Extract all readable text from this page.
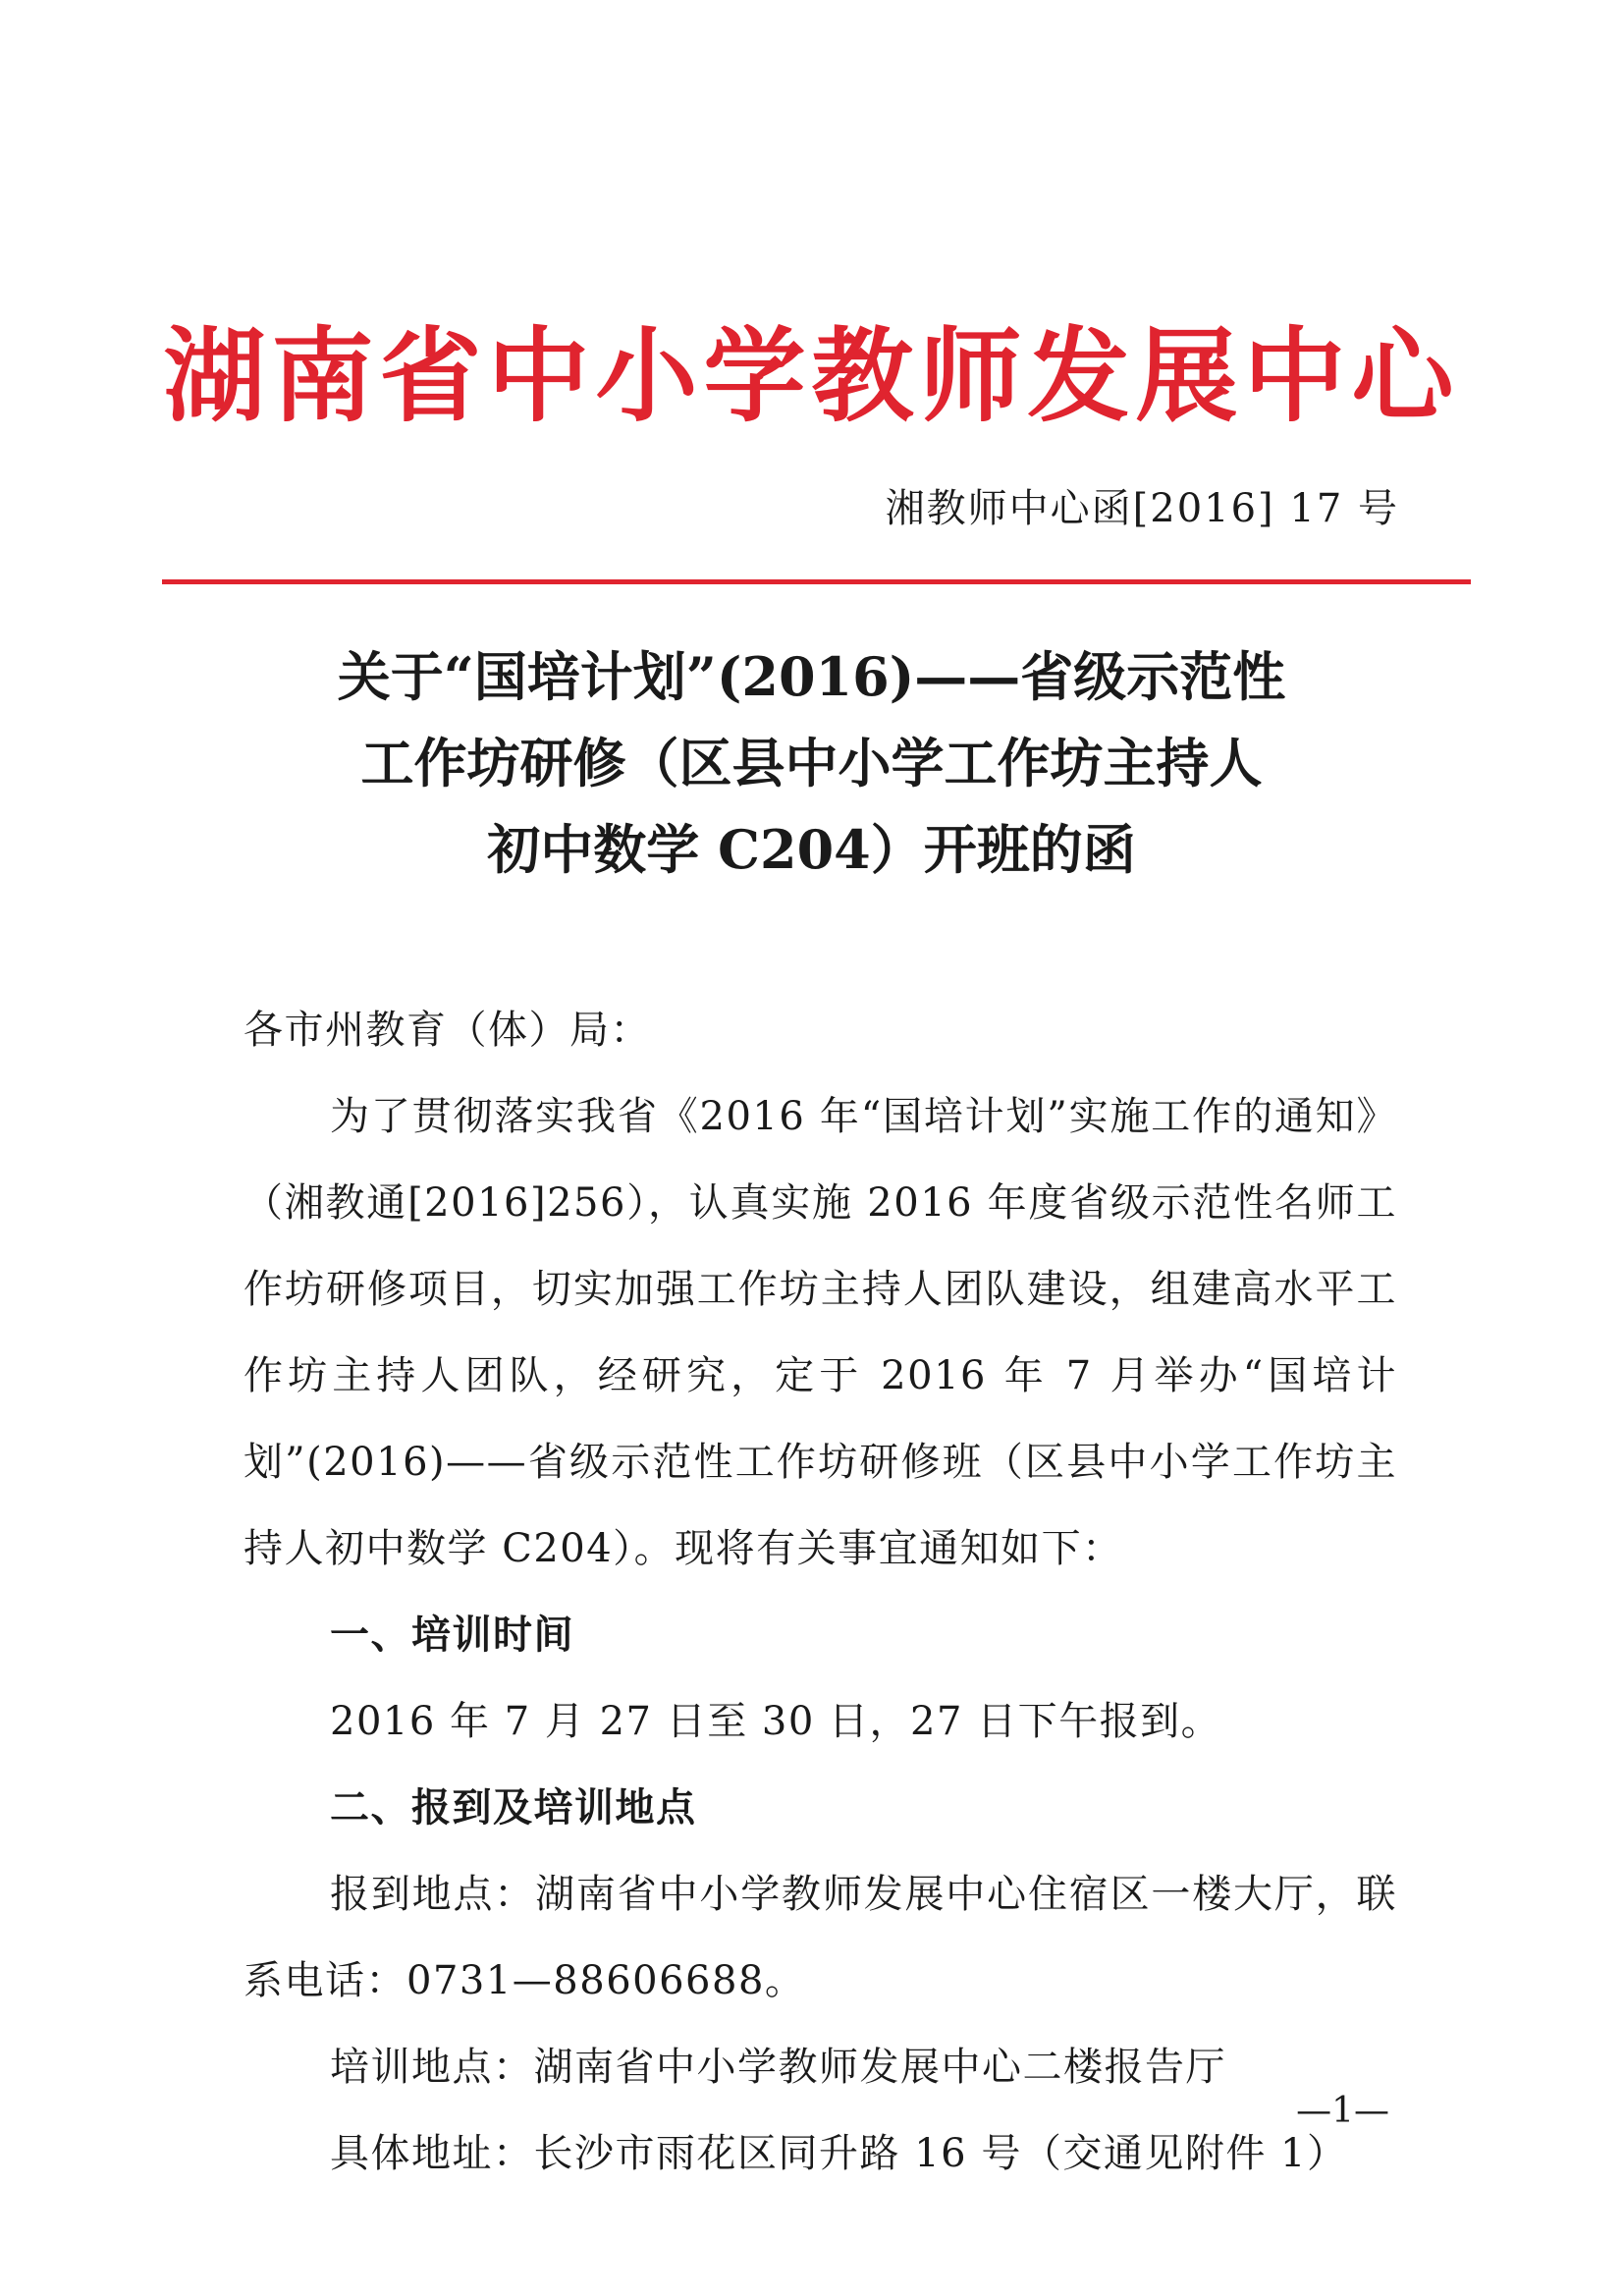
湖南省中小学教师发展中心
湘教师中心函[2016] 17 号
关于“国培计划”(2016)——省级示范性
工作坊研修（区县中小学工作坊主持人
初中数学 C204）开班的函

各市州教育（体）局：

为了贯彻落实我省《2016 年“国培计划”实施工作的通知》（湘教通[2016]256），认真实施 2016 年度省级示范性名师工作坊研修项目，切实加强工作坊主持人团队建设，组建高水平工作坊主持人团队，经研究，定于 2016 年 7 月举办“国培计划”(2016)——省级示范性工作坊研修班（区县中小学工作坊主持人初中数学 C204）。现将有关事宜通知如下：

一、培训时间

2016 年 7 月 27 日至 30 日，27 日下午报到。

二、报到及培训地点

报到地点：湖南省中小学教师发展中心住宿区一楼大厅，联系电话：0731—88606688。

培训地点：湖南省中小学教师发展中心二楼报告厅

具体地址：长沙市雨花区同升路 16 号（交通见附件 1）

—1—
